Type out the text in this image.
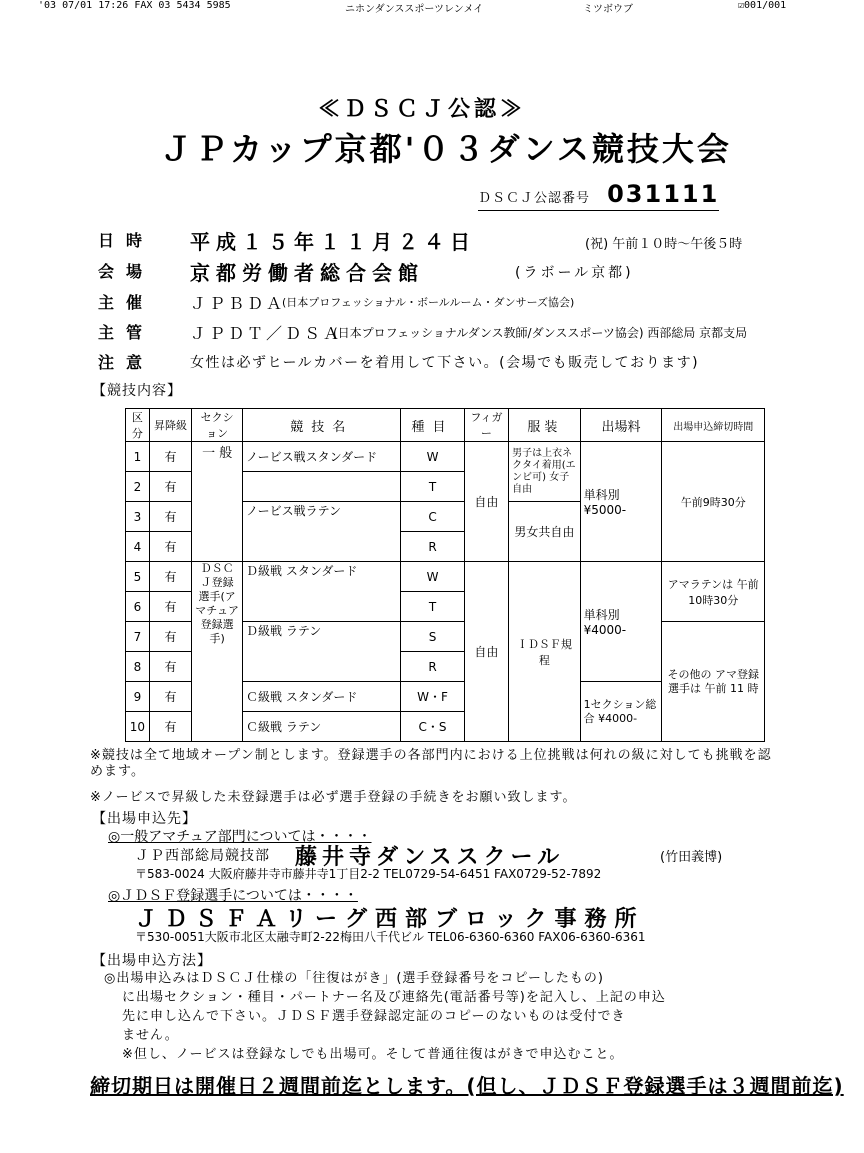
'03 07/01 17:26 FAX 03 5434 5985	ニホンダンススポーツレンメイ	ミツボウブ	☑001/001
≪ＤＳＣＪ公認≫
ＪＰカップ京都'０３ダンス競技大会
ＤＳＣＪ公認番号 031111
日時 平成１５年１１月２４日	(祝) 午前１０時～午後５時
会場 京都労働者総合会館	(ラボール京都)
主催 ＪＰＢＤＡ
(日本プロフェッショナル・ボールルーム・ダンサーズ協会)
主管 ＪＰＤＴ／ＤＳＡ
(日本プロフェッショナルダンス教師/ダンススポーツ協会) 西部総局 京都支局
注意	女性は必ずヒールカバーを着用して下さい。(会場でも販売しております)
【競技内容】
区分	昇降級	セクション	競技名	種目	フィガー	服装	出場料	出場申込締切時間
1	有	一 般	ノービス戦スタンダード	W	自由	男子は上衣ネクタイ着用(エンビ可) 女子自由	単科別 ¥5000-	午前9時30分
2	有			T				
3	有		ノービス戦ラテン	C		男女共自由		
4	有			R				
5	有	ＤＳＣＪ登録選手(アマチュア登録選手)	Ｄ級戦 スタンダード	W	自由	ＩＤＳＦ規程	単科別 ¥4000-	アマラテンは 午前10時30分
6	有			T				
7	有		Ｄ級戦 ラテン	S				その他の アマ登録選手は 午前 11 時
8	有			R				
9	有		Ｃ級戦 スタンダード	W・F			1セクション総合 ¥4000-	
10	有		Ｃ級戦 ラテン	C・S				
※競技は全て地域オープン制とします。登録選手の各部門内における上位挑戦は何れの級に対しても挑戦を認めます。
※ノービスで昇級した未登録選手は必ず選手登録の手続きをお願い致します。
【出場申込先】
◎一般アマチュア部門については・・・・
ＪＰ西部総局競技部 藤井寺ダンススクール	(竹田義博)
〒583-0024 大阪府藤井寺市藤井寺1丁目2-2 TEL0729-54-6451 FAX0729-52-7892
◎ＪＤＳＦ登録選手については・・・・
ＪＤＳＦＡリーグ西部ブロック事務所
〒530-0051大阪市北区太融寺町2-22梅田八千代ビル TEL06-6360-6360 FAX06-6360-6361
【出場申込方法】
◎出場申込みはＤＳＣＪ仕様の「往復はがき」(選手登録番号をコピーしたもの)
に出場セクション・種目・パートナー名及び連絡先(電話番号等)を記入し、上記の申込
先に申し込んで下さい。ＪＤＳＦ選手登録認定証のコピーのないものは受付でき
ません。
※但し、ノービスは登録なしでも出場可。そして普通往復はがきで申込むこと。
締切期日は開催日２週間前迄とします。(但し、ＪＤＳＦ登録選手は３週間前迄)
